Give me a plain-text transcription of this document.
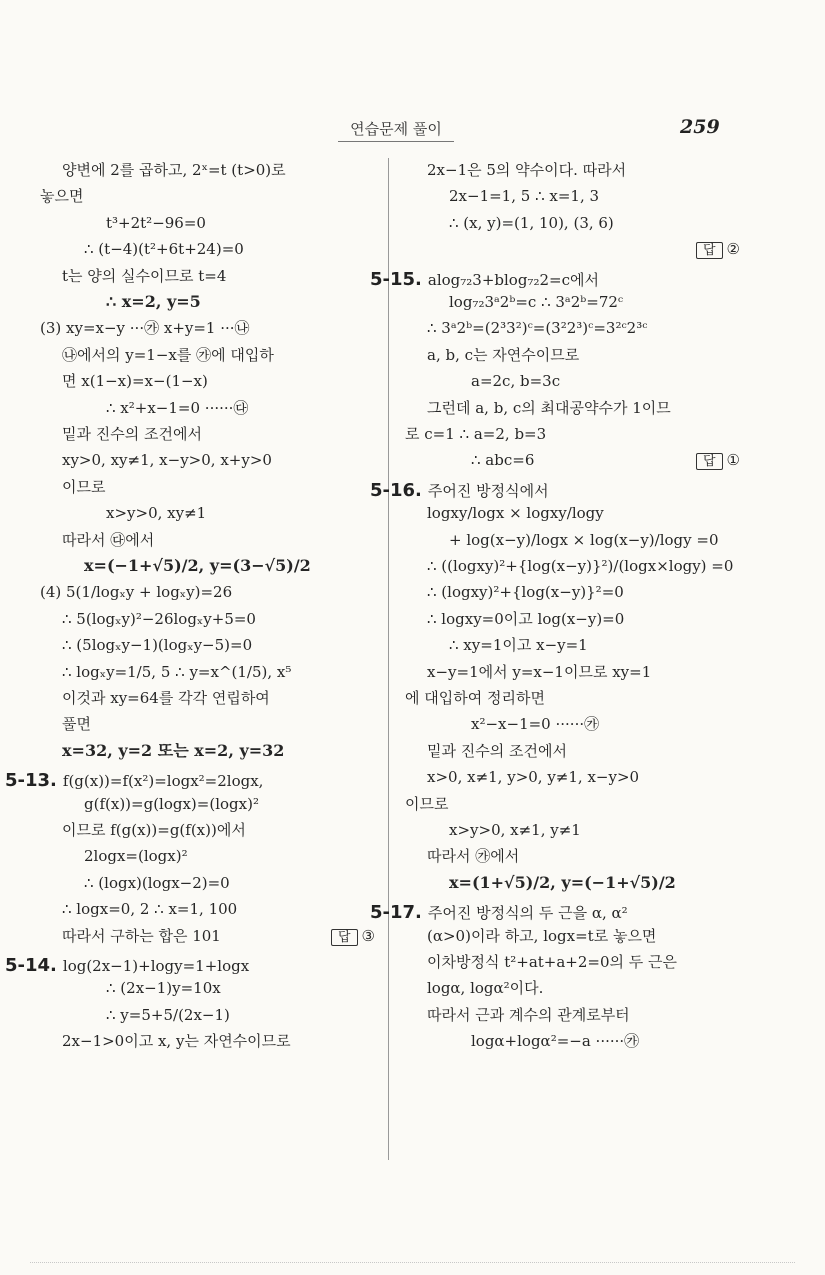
연습문제 풀이	259
양변에 2를 곱하고, 2ˣ=t (t>0)로
놓으면
t³+2t²−96=0
∴ (t−4)(t²+6t+24)=0
t는 양의 실수이므로 t=4
∴ x=2, y=5
(3) xy=x−y ···㉮ x+y=1 ···㉯
㉯에서의 y=1−x를 ㉮에 대입하
면 x(1−x)=x−(1−x)
∴ x²+x−1=0 ······㉰
밑과 진수의 조건에서
xy>0, xy≠1, x−y>0, x+y>0
이므로
x>y>0, xy≠1
따라서 ㉰에서
x=(−1+√5)/2, y=(3−√5)/2
(4) 5(1/logₓy + logₓy)=26
∴ 5(logₓy)²−26logₓy+5=0
∴ (5logₓy−1)(logₓy−5)=0
∴ logₓy=1/5, 5 ∴ y=x^(1/5), x⁵
이것과 xy=64를 각각 연립하여
풀면
x=32, y=2 또는 x=2, y=32
5-13. f(g(x))=f(x²)=logx²=2logx,
g(f(x))=g(logx)=(logx)²
이므로 f(g(x))=g(f(x))에서
2logx=(logx)²
∴ (logx)(logx−2)=0
∴ logx=0, 2 ∴ x=1, 100
따라서 구하는 합은 101	답 ③
5-14. log(2x−1)+logy=1+logx
∴ (2x−1)y=10x
∴ y=5+5/(2x−1)
2x−1>0이고 x, y는 자연수이므로
2x−1은 5의 약수이다. 따라서
2x−1=1, 5 ∴ x=1, 3
∴ (x, y)=(1, 10), (3, 6)
답 ②
5-15. alog₇₂3+blog₇₂2=c에서
log₇₂3ᵃ2ᵇ=c ∴ 3ᵃ2ᵇ=72ᶜ
∴ 3ᵃ2ᵇ=(2³3²)ᶜ=(3²2³)ᶜ=3²ᶜ2³ᶜ
a, b, c는 자연수이므로
a=2c, b=3c
그런데 a, b, c의 최대공약수가 1이므
로 c=1 ∴ a=2, b=3
∴ abc=6	답 ①
5-16. 주어진 방정식에서
logxy/logx × logxy/logy
+ log(x−y)/logx × log(x−y)/logy =0
∴ ((logxy)²+{log(x−y)}²)/(logx×logy) =0
∴ (logxy)²+{log(x−y)}²=0
∴ logxy=0이고 log(x−y)=0
∴ xy=1이고 x−y=1
x−y=1에서 y=x−1이므로 xy=1
에 대입하여 정리하면
x²−x−1=0 ······㉮
밑과 진수의 조건에서
x>0, x≠1, y>0, y≠1, x−y>0
이므로
x>y>0, x≠1, y≠1
따라서 ㉮에서
x=(1+√5)/2, y=(−1+√5)/2
5-17. 주어진 방정식의 두 근을 α, α²
(α>0)이라 하고, logx=t로 놓으면
이차방정식 t²+at+a+2=0의 두 근은
logα, logα²이다.
따라서 근과 계수의 관계로부터
logα+logα²=−a ······㉮
